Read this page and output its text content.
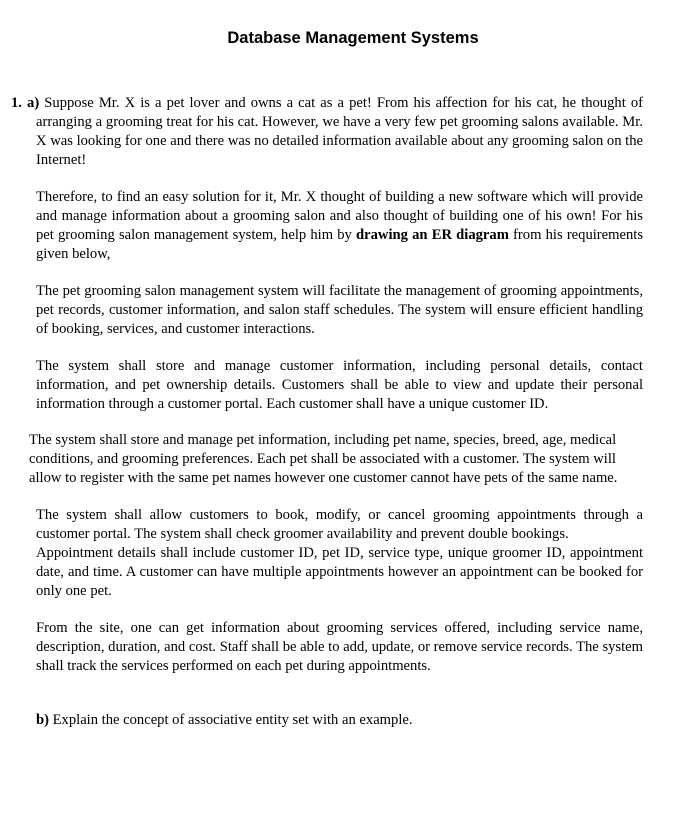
Database Management Systems

1. a) Suppose Mr. X is a pet lover and owns a cat as a pet! From his affection for his cat, he thought of arranging a grooming treat for his cat. However, we have a very few pet grooming salons available. Mr. X was looking for one and there was no detailed information available about any grooming salon on the Internet!

Therefore, to find an easy solution for it, Mr. X thought of building a new software which will provide and manage information about a grooming salon and also thought of building one of his own! For his pet grooming salon management system, help him by drawing an ER diagram from his requirements given below,

The pet grooming salon management system will facilitate the management of grooming appointments, pet records, customer information, and salon staff schedules. The system will ensure efficient handling of booking, services, and customer interactions.

The system shall store and manage customer information, including personal details, contact information, and pet ownership details. Customers shall be able to view and update their personal information through a customer portal. Each customer shall have a unique customer ID.

The system shall store and manage pet information, including pet name, species, breed, age, medical conditions, and grooming preferences. Each pet shall be associated with a customer. The system will allow to register with the same pet names however one customer cannot have pets of the same name.

The system shall allow customers to book, modify, or cancel grooming appointments through a customer portal. The system shall check groomer availability and prevent double bookings.
Appointment details shall include customer ID, pet ID, service type, unique groomer ID, appointment date, and time. A customer can have multiple appointments however an appointment can be booked for only one pet.

From the site, one can get information about grooming services offered, including service name, description, duration, and cost. Staff shall be able to add, update, or remove service records. The system shall track the services performed on each pet during appointments.

b) Explain the concept of associative entity set with an example.
